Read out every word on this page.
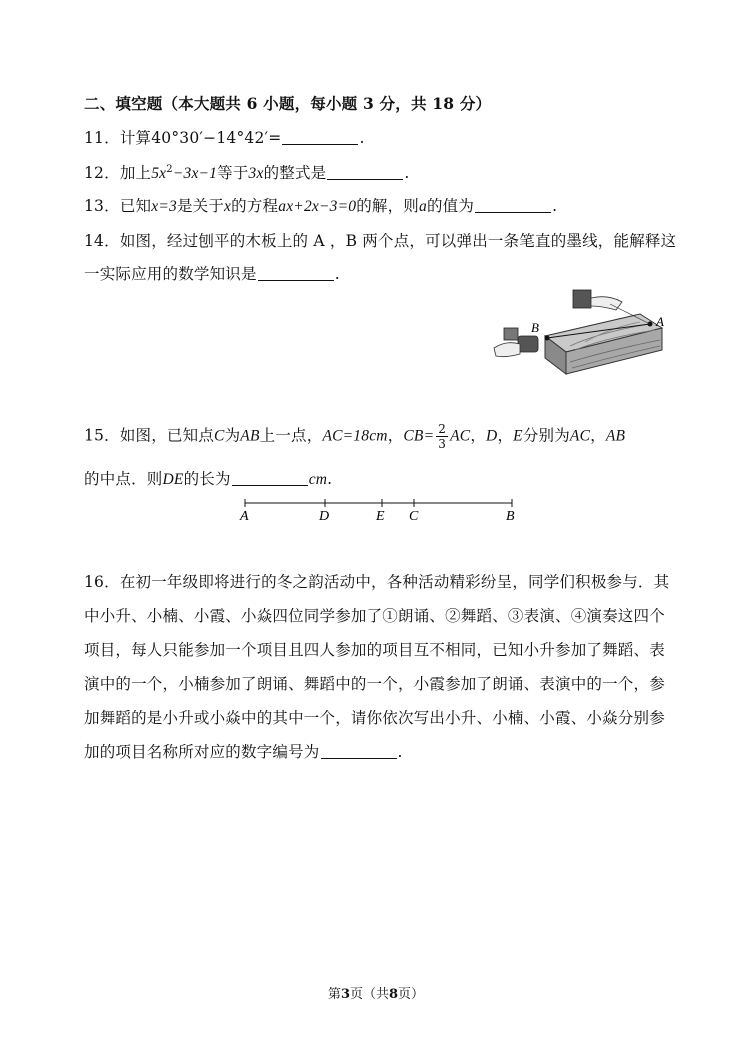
二、填空题（本大题共 6 小题，每小题 3 分，共 18 分）
11．计算40°30′−14°42′=	.
12．加上$5x^2-3x-1$等于3x的整式是	.
13．已知x=3是关于x的方程ax+2x−3=0的解，则a的值为	.
14．如图，经过刨平的木板上的 A ，B 两个点，可以弹出一条笔直的墨线，能解释这
一实际应用的数学知识是	.
B	A
15．如图，已知点C为AB上一点，AC=18cm，$CB= \frac{2}{3}$ AC，D，E分别为AC，AB
的中点．则DE的长为	cm.
A	D	E C	B
16．在初一年级即将进行的冬之韵活动中，各种活动精彩纷呈，同学们积极参与．其
中小升、小楠、小霞、小焱四位同学参加了①朗诵、②舞蹈、③表演、④演奏这四个
项目，每人只能参加一个项目且四人参加的项目互不相同，已知小升参加了舞蹈、表
演中的一个，小楠参加了朗诵、舞蹈中的一个，小霞参加了朗诵、表演中的一个，参
加舞蹈的是小升或小焱中的其中一个，请你依次写出小升、小楠、小霞、小焱分别参
加的项目名称所对应的数字编号为	.
第3页（共8页）
